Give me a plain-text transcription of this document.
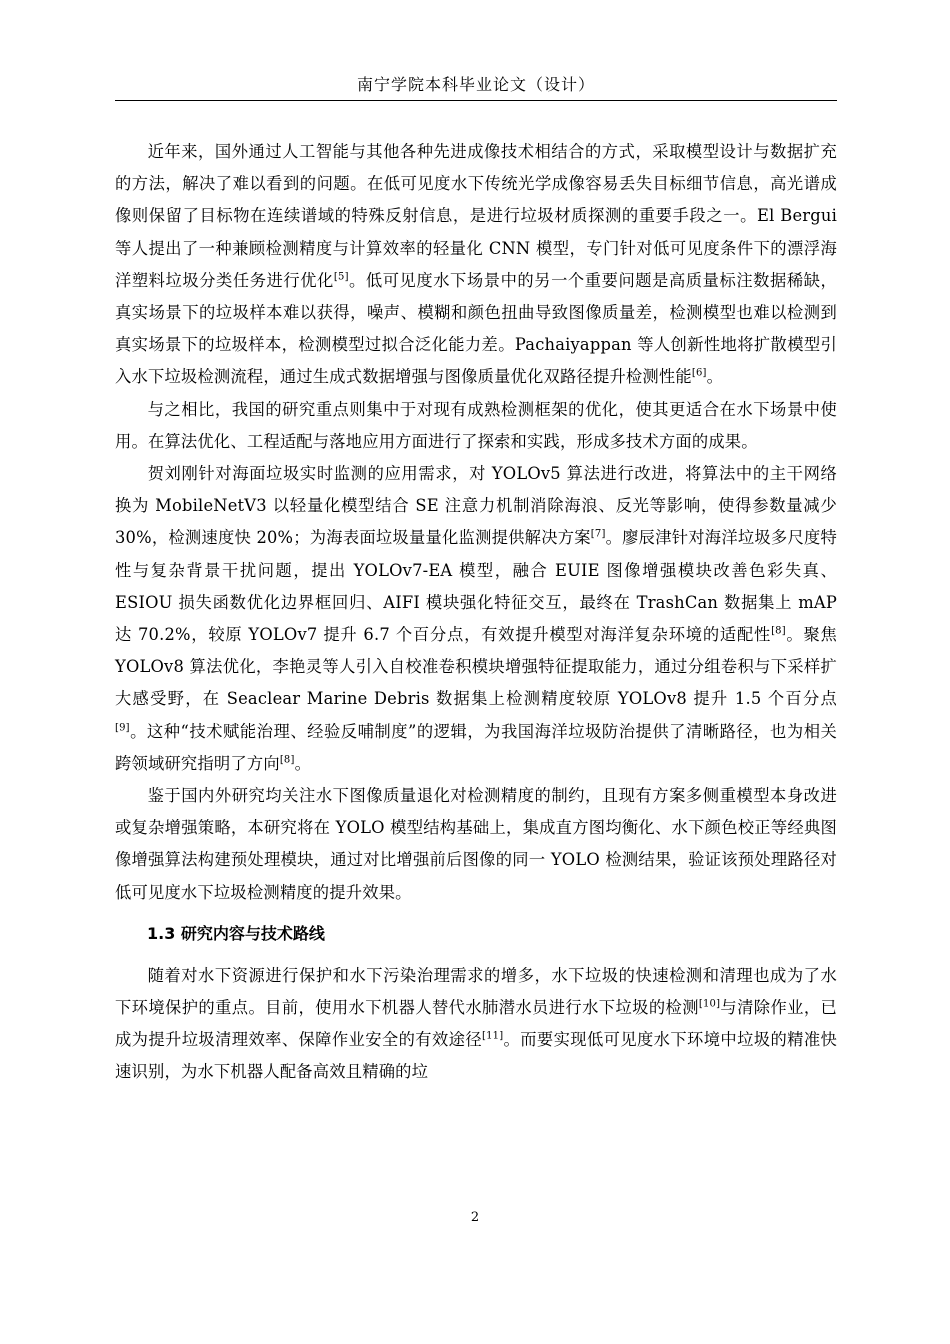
南宁学院本科毕业论文（设计）

近年来，国外通过人工智能与其他各种先进成像技术相结合的方式，采取模型设计与数据扩充的方法，解决了难以看到的问题。在低可见度水下传统光学成像容易丢失目标细节信息，高光谱成像则保留了目标物在连续谱域的特殊反射信息，是进行垃圾材质探测的重要手段之一。El Bergui 等人提出了一种兼顾检测精度与计算效率的轻量化 CNN 模型，专门针对低可见度条件下的漂浮海洋塑料垃圾分类任务进行优化[5]。低可见度水下场景中的另一个重要问题是高质量标注数据稀缺，真实场景下的垃圾样本难以获得，噪声、模糊和颜色扭曲导致图像质量差，检测模型也难以检测到真实场景下的垃圾样本，检测模型过拟合泛化能力差。Pachaiyappan 等人创新性地将扩散模型引入水下垃圾检测流程，通过生成式数据增强与图像质量优化双路径提升检测性能[6]。

与之相比，我国的研究重点则集中于对现有成熟检测框架的优化，使其更适合在水下场景中使用。在算法优化、工程适配与落地应用方面进行了探索和实践，形成多技术方面的成果。

贺刘刚针对海面垃圾实时监测的应用需求，对 YOLOv5 算法进行改进，将算法中的主干网络换为 MobileNetV3 以轻量化模型结合 SE 注意力机制消除海浪、反光等影响，使得参数量减少 30%，检测速度快 20%；为海表面垃圾量量化监测提供解决方案[7]。廖辰津针对海洋垃圾多尺度特性与复杂背景干扰问题，提出 YOLOv7-EA 模型，融合 EUIE 图像增强模块改善色彩失真、ESIOU 损失函数优化边界框回归、AIFI 模块强化特征交互，最终在 TrashCan 数据集上 mAP 达 70.2%，较原 YOLOv7 提升 6.7 个百分点，有效提升模型对海洋复杂环境的适配性[8]。聚焦 YOLOv8 算法优化，李艳灵等人引入自校准卷积模块增强特征提取能力，通过分组卷积与下采样扩大感受野，在 Seaclear Marine Debris 数据集上检测精度较原 YOLOv8 提升 1.5 个百分点[9]。这种“技术赋能治理、经验反哺制度”的逻辑，为我国海洋垃圾防治提供了清晰路径，也为相关跨领域研究指明了方向[8]。

鉴于国内外研究均关注水下图像质量退化对检测精度的制约，且现有方案多侧重模型本身改进或复杂增强策略，本研究将在 YOLO 模型结构基础上，集成直方图均衡化、水下颜色校正等经典图像增强算法构建预处理模块，通过对比增强前后图像的同一 YOLO 检测结果，验证该预处理路径对低可见度水下垃圾检测精度的提升效果。

1.3 研究内容与技术路线

随着对水下资源进行保护和水下污染治理需求的增多，水下垃圾的快速检测和清理也成为了水下环境保护的重点。目前，使用水下机器人替代水肺潜水员进行水下垃圾的检测[10]与清除作业，已成为提升垃圾清理效率、保障作业安全的有效途径[11]。而要实现低可见度水下环境中垃圾的精准快速识别，为水下机器人配备高效且精确的垃

2
